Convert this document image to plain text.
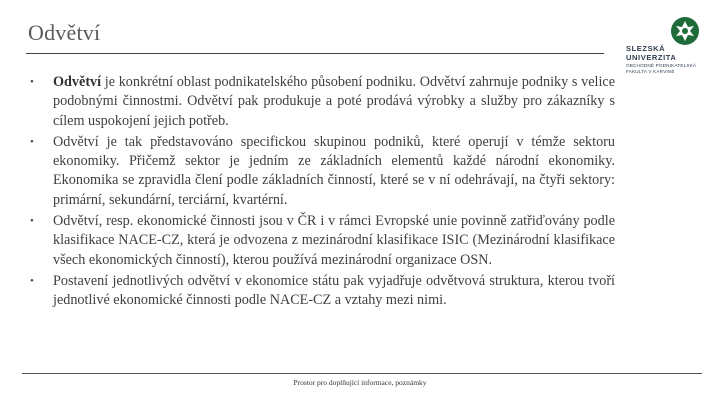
Odvětví
SLEZSKÁ
UNIVERZITA
OBCHODNĚ PODNIKATELSKÁ FAKULTA V KARVINÉ
• Odvětví je konkrétní oblast podnikatelského působení podniku. Odvětví zahrnuje podniky s velice podobnými činnostmi. Odvětví pak produkuje a poté prodává výrobky a služby pro zákazníky s cílem uspokojení jejich potřeb.
• Odvětví je tak představováno specifickou skupinou podniků, které operují v témže sektoru ekonomiky. Přičemž sektor je jedním ze základních elementů každé národní ekonomiky. Ekonomika se zpravidla člení podle základních činností, které se v ní odehrávají, na čtyři sektory: primární, sekundární, terciární, kvartérní.
• Odvětví, resp. ekonomické činnosti jsou v ČR i v rámci Evropské unie povinně zatřiďovány podle klasifikace NACE-CZ, která je odvozena z mezinárodní klasifikace ISIC (Mezinárodní klasifikace všech ekonomických činností), kterou používá mezinárodní organizace OSN.
• Postavení jednotlivých odvětví v ekonomice státu pak vyjadřuje odvětvová struktura, kterou tvoří jednotlivé ekonomické činnosti podle NACE-CZ a vztahy mezi nimi.
Prostor pro doplňující informace, poznámky
